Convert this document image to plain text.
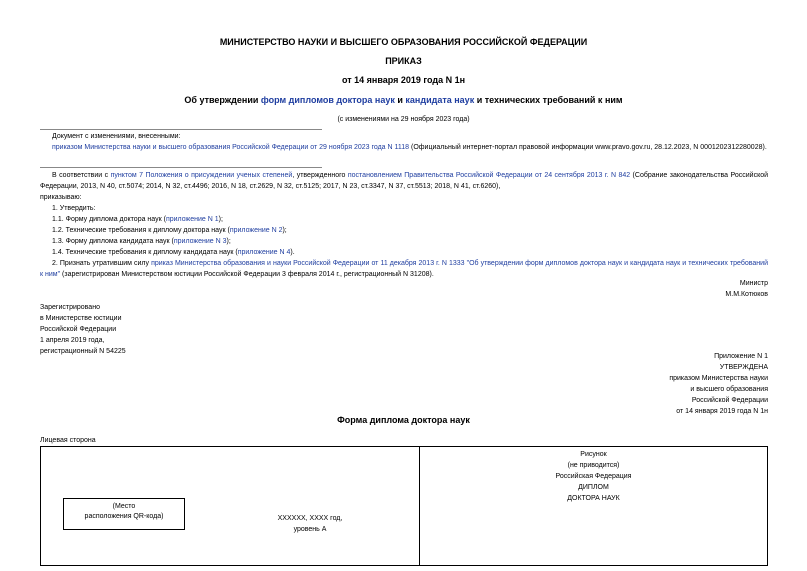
МИНИСТЕРСТВО НАУКИ И ВЫСШЕГО ОБРАЗОВАНИЯ РОССИЙСКОЙ ФЕДЕРАЦИИ
ПРИКАЗ
от 14 января 2019 года N 1н
Об утверждении форм дипломов доктора наук и кандидата наук и технических требований к ним
(с изменениями на 29 ноября 2023 года)

Документ с изменениями, внесенными:

приказом Министерства науки и высшего образования Российской Федерации от 29 ноября 2023 года N 1118 (Официальный интернет-портал правовой информации www.pravo.gov.ru, 28.12.2023, N 0001202312280028).

В соответствии с пунктом 7 Положения о присуждении ученых степеней, утвержденного постановлением Правительства Российской Федерации от 24 сентября 2013 г. N 842 (Собрание законодательства Российской Федерации, 2013, N 40, ст.5074; 2014, N 32, ст.4496; 2016, N 18, ст.2629, N 32, ст.5125; 2017, N 23, ст.3347, N 37, ст.5513; 2018, N 41, ст.6260),

приказываю:

1. Утвердить:

1.1. Форму диплома доктора наук (приложение N 1);

1.2. Технические требования к диплому доктора наук (приложение N 2);

1.3. Форму диплома кандидата наук (приложение N 3);

1.4. Технические требования к диплому кандидата наук (приложение N 4).

2. Признать утратившим силу приказ Министерства образования и науки Российской Федерации от 11 декабря 2013 г. N 1333 "Об утверждении форм дипломов доктора наук и кандидата наук и технических требований к ним" (зарегистрирован Министерством юстиции Российской Федерации 3 февраля 2014 г., регистрационный N 31208).

Министр

М.М.Котюков

Зарегистрировано

в Министерстве юстиции

Российской Федерации

1 апреля 2019 года,

регистрационный N 54225

Приложение N 1

УТВЕРЖДЕНА

приказом Министерства науки

и высшего образования

Российской Федерации

от 14 января 2019 года N 1н

Форма диплома доктора наук
Лицевая сторона

Рисунок

(не приводится)

Российская Федерация

ДИПЛОМ

ДОКТОРА НАУК

(Место

расположения QR-кода)	XXXXXX, XXXX год,

уровень А
